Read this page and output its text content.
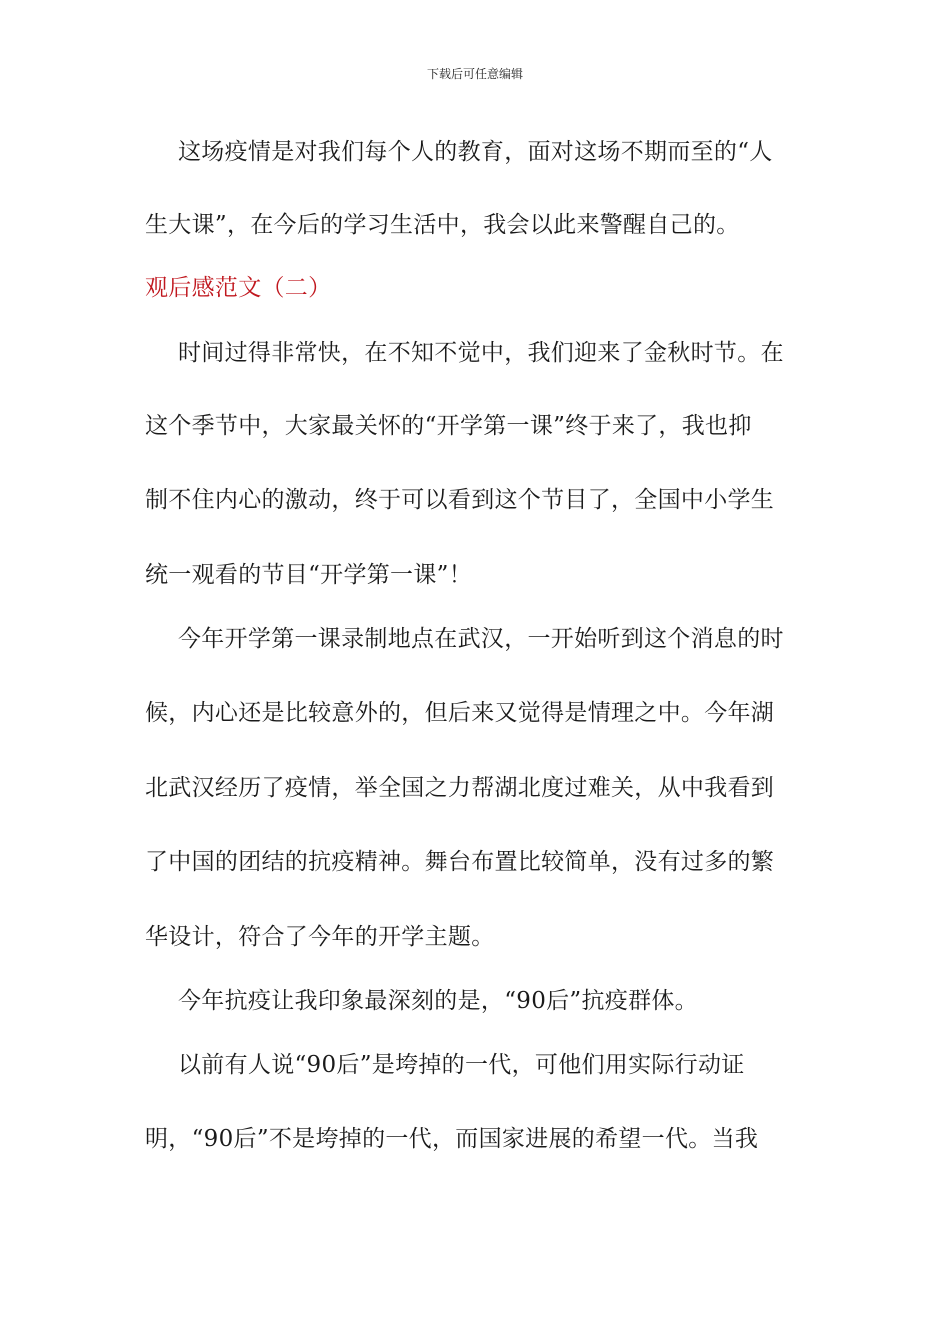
下载后可任意编辑
这场疫情是对我们每个人的教育，面对这场不期而至的“人
生大课”，在今后的学习生活中，我会以此来警醒自己的。
观后感范文（二）
时间过得非常快，在不知不觉中，我们迎来了金秋时节。在
这个季节中，大家最关怀的“开学第一课”终于来了，我也抑
制不住内心的激动，终于可以看到这个节目了，全国中小学生
统一观看的节目“开学第一课”！
今年开学第一课录制地点在武汉，一开始听到这个消息的时
候，内心还是比较意外的，但后来又觉得是情理之中。今年湖
北武汉经历了疫情，举全国之力帮湖北度过难关，从中我看到
了中国的团结的抗疫精神。舞台布置比较简单，没有过多的繁
华设计，符合了今年的开学主题。
今年抗疫让我印象最深刻的是，“90后”抗疫群体。
以前有人说“90后”是垮掉的一代，可他们用实际行动证
明，“90后”不是垮掉的一代，而国家进展的希望一代。当我
